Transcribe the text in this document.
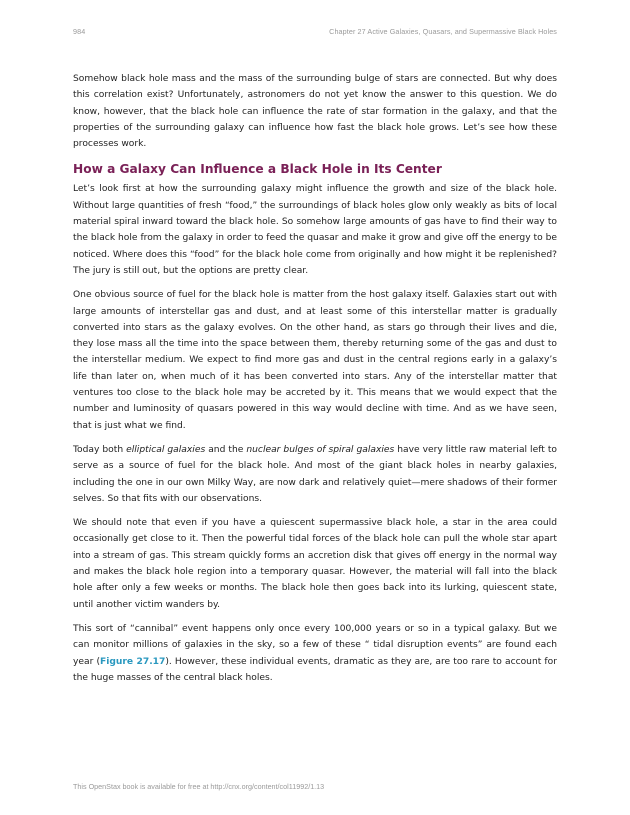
984	Chapter 27 Active Galaxies, Quasars, and Supermassive Black Holes

Somehow black hole mass and the mass of the surrounding bulge of stars are connected. But why does this correlation exist? Unfortunately, astronomers do not yet know the answer to this question. We do know, however, that the black hole can influence the rate of star formation in the galaxy, and that the properties of the surrounding galaxy can influence how fast the black hole grows. Let’s see how these processes work.

How a Galaxy Can Influence a Black Hole in Its Center

Let’s look first at how the surrounding galaxy might influence the growth and size of the black hole. Without large quantities of fresh “food,” the surroundings of black holes glow only weakly as bits of local material spiral inward toward the black hole. So somehow large amounts of gas have to find their way to the black hole from the galaxy in order to feed the quasar and make it grow and give off the energy to be noticed. Where does this “food” for the black hole come from originally and how might it be replenished? The jury is still out, but the options are pretty clear.

One obvious source of fuel for the black hole is matter from the host galaxy itself. Galaxies start out with large amounts of interstellar gas and dust, and at least some of this interstellar matter is gradually converted into stars as the galaxy evolves. On the other hand, as stars go through their lives and die, they lose mass all the time into the space between them, thereby returning some of the gas and dust to the interstellar medium. We expect to find more gas and dust in the central regions early in a galaxy’s life than later on, when much of it has been converted into stars. Any of the interstellar matter that ventures too close to the black hole may be accreted by it. This means that we would expect that the number and luminosity of quasars powered in this way would decline with time. And as we have seen, that is just what we find.

Today both elliptical galaxies and the nuclear bulges of spiral galaxies have very little raw material left to serve as a source of fuel for the black hole. And most of the giant black holes in nearby galaxies, including the one in our own Milky Way, are now dark and relatively quiet—mere shadows of their former selves. So that fits with our observations.

We should note that even if you have a quiescent supermassive black hole, a star in the area could occasionally get close to it. Then the powerful tidal forces of the black hole can pull the whole star apart into a stream of gas. This stream quickly forms an accretion disk that gives off energy in the normal way and makes the black hole region into a temporary quasar. However, the material will fall into the black hole after only a few weeks or months. The black hole then goes back into its lurking, quiescent state, until another victim wanders by.

This sort of “cannibal” event happens only once every 100,000 years or so in a typical galaxy. But we can monitor millions of galaxies in the sky, so a few of these “ tidal disruption events” are found each year (Figure 27.17). However, these individual events, dramatic as they are, are too rare to account for the huge masses of the central black holes.

This OpenStax book is available for free at http://cnx.org/content/col11992/1.13
